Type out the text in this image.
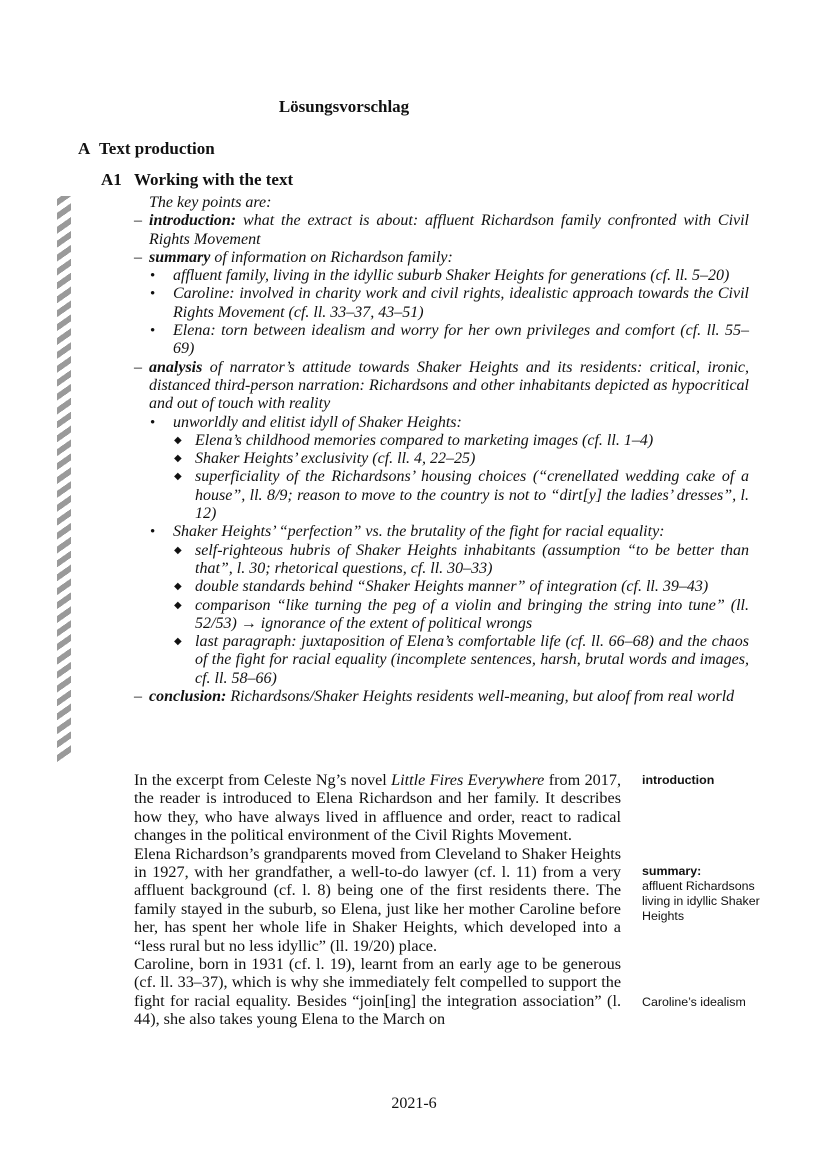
Lösungsvorschlag
A Text production
A1 Working with the text
The key points are:
– introduction: what the extract is about: affluent Richardson family confronted with Civil Rights Movement
– summary of information on Richardson family:
• affluent family, living in the idyllic suburb Shaker Heights for generations (cf. ll. 5–20)
• Caroline: involved in charity work and civil rights, idealistic approach towards the Civil Rights Movement (cf. ll. 33–37, 43–51)
• Elena: torn between idealism and worry for her own privileges and comfort (cf. ll. 55–69)
– analysis of narrator’s attitude towards Shaker Heights and its residents: critical, ironic, distanced third-person narration: Richardsons and other inhabitants depicted as hypocritical and out of touch with reality
• unworldly and elitist idyll of Shaker Heights:
◆ Elena’s childhood memories compared to marketing images (cf. ll. 1–4)
◆ Shaker Heights’ exclusivity (cf. ll. 4, 22–25)
◆ superficiality of the Richardsons’ housing choices (“crenellated wedding cake of a house”, ll. 8/9; reason to move to the country is not to “dirt[y] the ladies’ dresses”, l. 12)
• Shaker Heights’ “perfection” vs. the brutality of the fight for racial equality:
◆ self-righteous hubris of Shaker Heights inhabitants (assumption “to be better than that”, l. 30; rhetorical questions, cf. ll. 30–33)
◆ double standards behind “Shaker Heights manner” of integration (cf. ll. 39–43)
◆ comparison “like turning the peg of a violin and bringing the string into tune” (ll. 52/53) → ignorance of the extent of political wrongs
◆ last paragraph: juxtaposition of Elena’s comfortable life (cf. ll. 66–68) and the chaos of the fight for racial equality (incomplete sentences, harsh, brutal words and images, cf. ll. 58–66)
– conclusion: Richardsons/Shaker Heights residents well-meaning, but aloof from real world

In the excerpt from Celeste Ng’s novel Little Fires Everywhere from 2017, the reader is introduced to Elena Richardson and her family. It describes how they, who have always lived in affluence and order, react to radical changes in the political environment of the Civil Rights Movement.

Elena Richardson’s grandparents moved from Cleveland to Shaker Heights in 1927, with her grandfather, a well-to-do lawyer (cf. l. 11) from a very affluent background (cf. l. 8) being one of the first residents there. The family stayed in the suburb, so Elena, just like her mother Caroline before her, has spent her whole life in Shaker Heights, which developed into a “less rural but no less idyllic” (ll. 19/20) place.

Caroline, born in 1931 (cf. l. 19), learnt from an early age to be generous (cf. ll. 33–37), which is why she immediately felt compelled to support the fight for racial equality. Besides “join[ing] the integration association” (l. 44), she also takes young Elena to the March on

introduction
summary:
affluent Richardsons living in idyllic Shaker Heights
Caroline’s idealism
2021-6
